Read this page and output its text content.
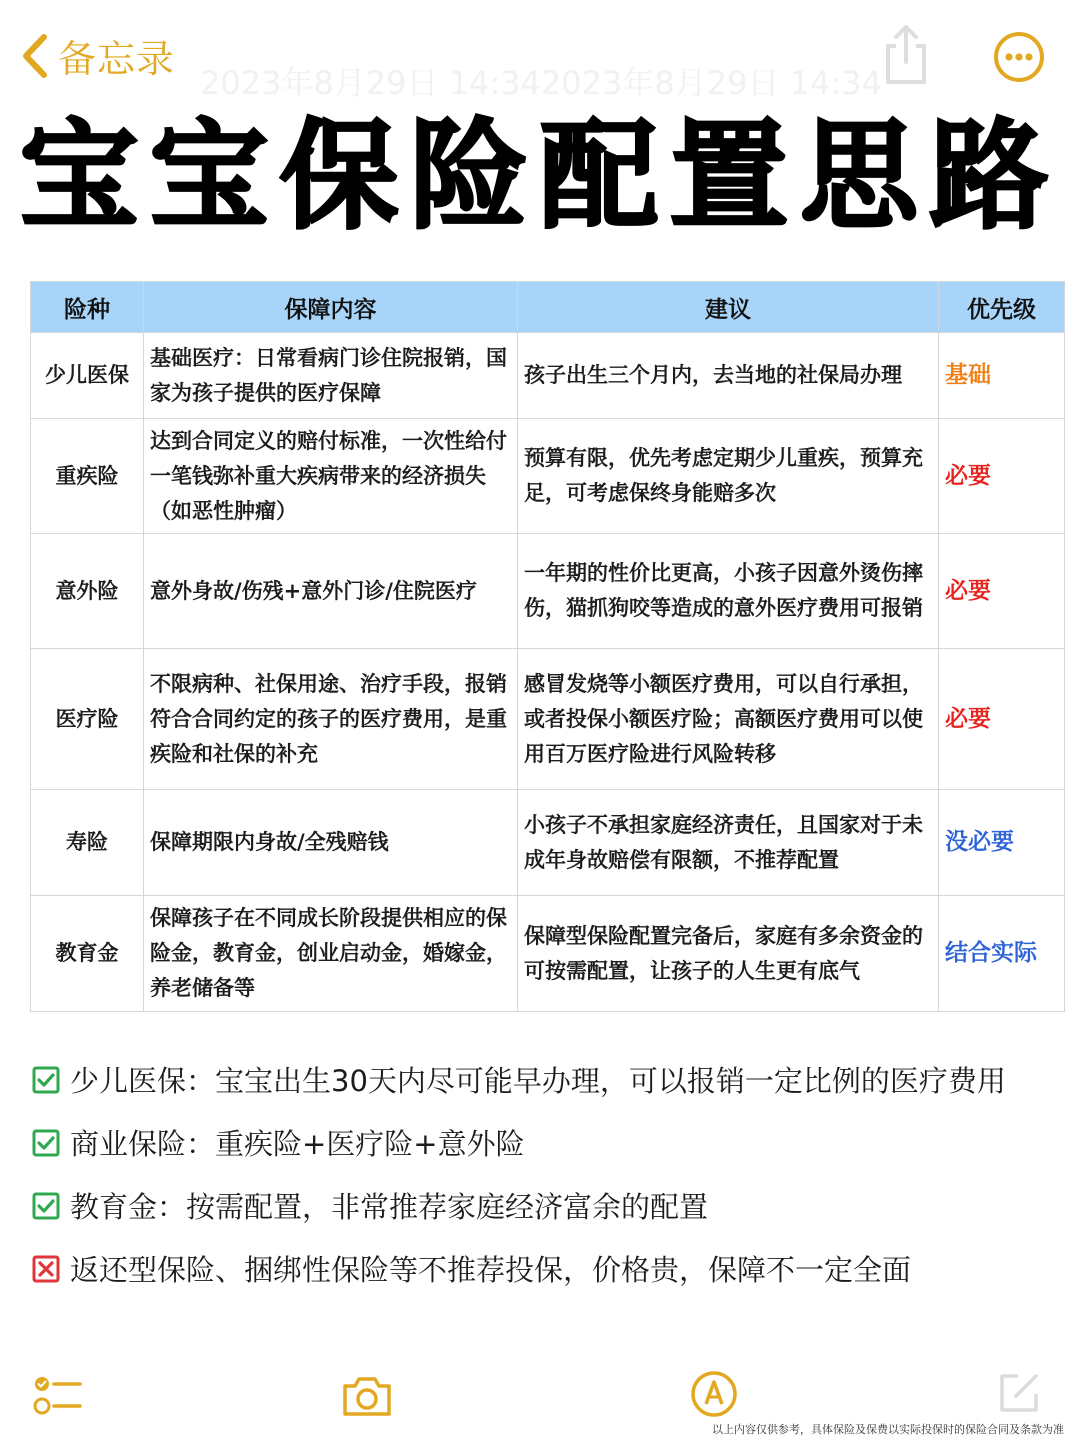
备忘录
2023年8月29日 14:342023年8月29日 14:34
宝宝保险配置思路
险种	保障内容	建议	优先级
少儿医保	基础医疗：日常看病门诊住院报销，国家为孩子提供的医疗保障	孩子出生三个月内，去当地的社保局办理	基础
重疾险	达到合同定义的赔付标准，一次性给付一笔钱弥补重大疾病带来的经济损失（如恶性肿瘤）	预算有限，优先考虑定期少儿重疾，预算充足，可考虑保终身能赔多次	必要
意外险	意外身故/伤残+意外门诊/住院医疗	一年期的性价比更高，小孩子因意外烫伤摔伤，猫抓狗咬等造成的意外医疗费用可报销	必要
医疗险	不限病种、社保用途、治疗手段，报销符合合同约定的孩子的医疗费用，是重疾险和社保的补充	感冒发烧等小额医疗费用，可以自行承担，或者投保小额医疗险；高额医疗费用可以使用百万医疗险进行风险转移	必要
寿险	保障期限内身故/全残赔钱	小孩子不承担家庭经济责任，且国家对于未成年身故赔偿有限额，不推荐配置	没必要
教育金	保障孩子在不同成长阶段提供相应的保险金，教育金，创业启动金，婚嫁金，养老储备等	保障型保险配置完备后，家庭有多余资金的可按需配置，让孩子的人生更有底气	结合实际
少儿医保：宝宝出生30天内尽可能早办理，可以报销一定比例的医疗费用
商业保险：重疾险+医疗险+意外险
教育金：按需配置，非常推荐家庭经济富余的配置
返还型保险、捆绑性保险等不推荐投保，价格贵，保障不一定全面
以上内容仅供参考，具体保险及保费以实际投保时的保险合同及条款为准
